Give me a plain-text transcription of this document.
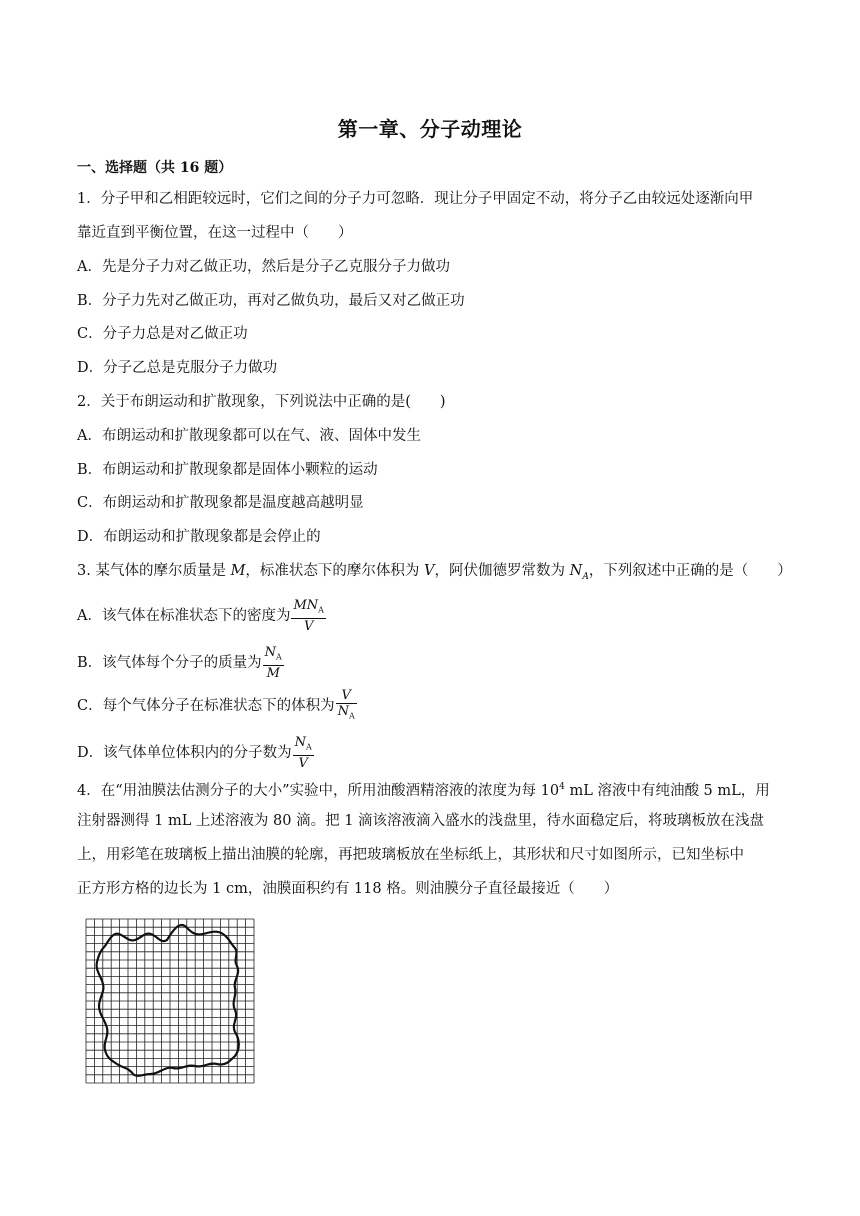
第一章、分子动理论
一、选择题（共 16 题）
1．分子甲和乙相距较远时，它们之间的分子力可忽略．现让分子甲固定不动，将分子乙由较远处逐渐向甲
靠近直到平衡位置，在这一过程中（　　）
A．先是分子力对乙做正功，然后是分子乙克服分子力做功
B．分子力先对乙做正功，再对乙做负功，最后又对乙做正功
C．分子力总是对乙做正功
D．分子乙总是克服分子力做功
2．关于布朗运动和扩散现象，下列说法中正确的是(　　)
A．布朗运动和扩散现象都可以在气、液、固体中发生
B．布朗运动和扩散现象都是固体小颗粒的运动
C．布朗运动和扩散现象都是温度越高越明显
D．布朗运动和扩散现象都是会停止的
3. 某气体的摩尔质量是 M，标准状态下的摩尔体积为 V，阿伏伽德罗常数为 $N_A$，下列叙述中正确的是（　　）
A．该气体在标准状态下的密度为 $\frac{MN_A}{V}$
B．该气体每个分子的质量为 $\frac{N_A}{M}$
C．每个气体分子在标准状态下的体积为 $\frac{V}{N_A}$
D．该气体单位体积内的分子数为 $\frac{N_A}{V}$
4．在“用油膜法估测分子的大小”实验中，所用油酸酒精溶液的浓度为每 $10^4$ mL 溶液中有纯油酸 5 mL，用
注射器测得 1 mL 上述溶液为 80 滴。把 1 滴该溶液滴入盛水的浅盘里，待水面稳定后，将玻璃板放在浅盘
上，用彩笔在玻璃板上描出油膜的轮廓，再把玻璃板放在坐标纸上，其形状和尺寸如图所示，已知坐标中
正方形方格的边长为 1 cm，油膜面积约有 118 格。则油膜分子直径最接近（　　）
